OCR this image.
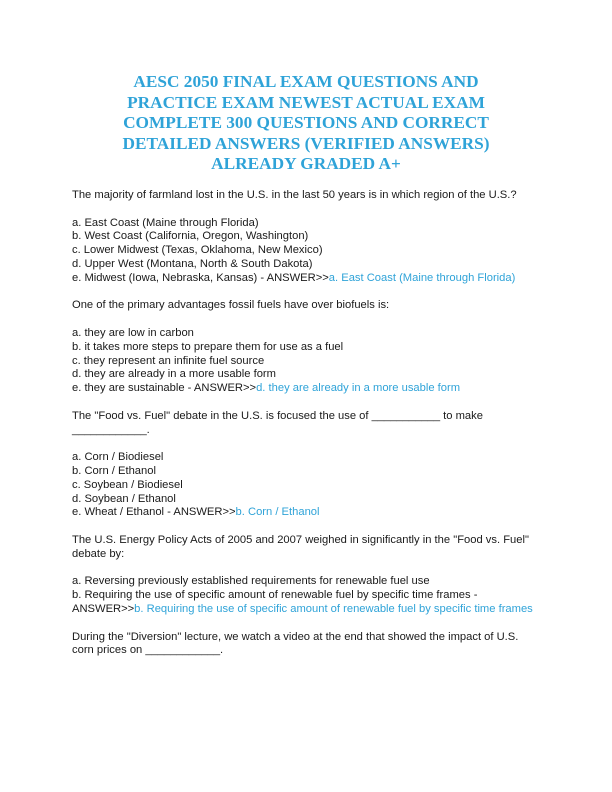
AESC 2050 FINAL EXAM QUESTIONS AND PRACTICE EXAM NEWEST ACTUAL EXAM COMPLETE 300 QUESTIONS AND CORRECT DETAILED ANSWERS (VERIFIED ANSWERS) ALREADY GRADED A+

The majority of farmland lost in the U.S. in the last 50 years is in which region of the U.S.?

a. East Coast (Maine through Florida)
b. West Coast (California, Oregon, Washington)
c. Lower Midwest (Texas, Oklahoma, New Mexico)
d. Upper West (Montana, North & South Dakota)
e. Midwest (Iowa, Nebraska, Kansas) - ANSWER>>a. East Coast (Maine through Florida)

One of the primary advantages fossil fuels have over biofuels is:

a. they are low in carbon
b. it takes more steps to prepare them for use as a fuel
c. they represent an infinite fuel source
d. they are already in a more usable form
e. they are sustainable - ANSWER>>d. they are already in a more usable form

The "Food vs. Fuel" debate in the U.S. is focused the use of ___________ to make ____________.

a. Corn / Biodiesel
b. Corn / Ethanol
c. Soybean / Biodiesel
d. Soybean / Ethanol
e. Wheat / Ethanol - ANSWER>>b. Corn / Ethanol

The U.S. Energy Policy Acts of 2005 and 2007 weighed in significantly in the "Food vs. Fuel" debate by:

a. Reversing previously established requirements for renewable fuel use
b. Requiring the use of specific amount of renewable fuel by specific time frames - ANSWER>>b. Requiring the use of specific amount of renewable fuel by specific time frames

During the "Diversion" lecture, we watch a video at the end that showed the impact of U.S. corn prices on ____________.
